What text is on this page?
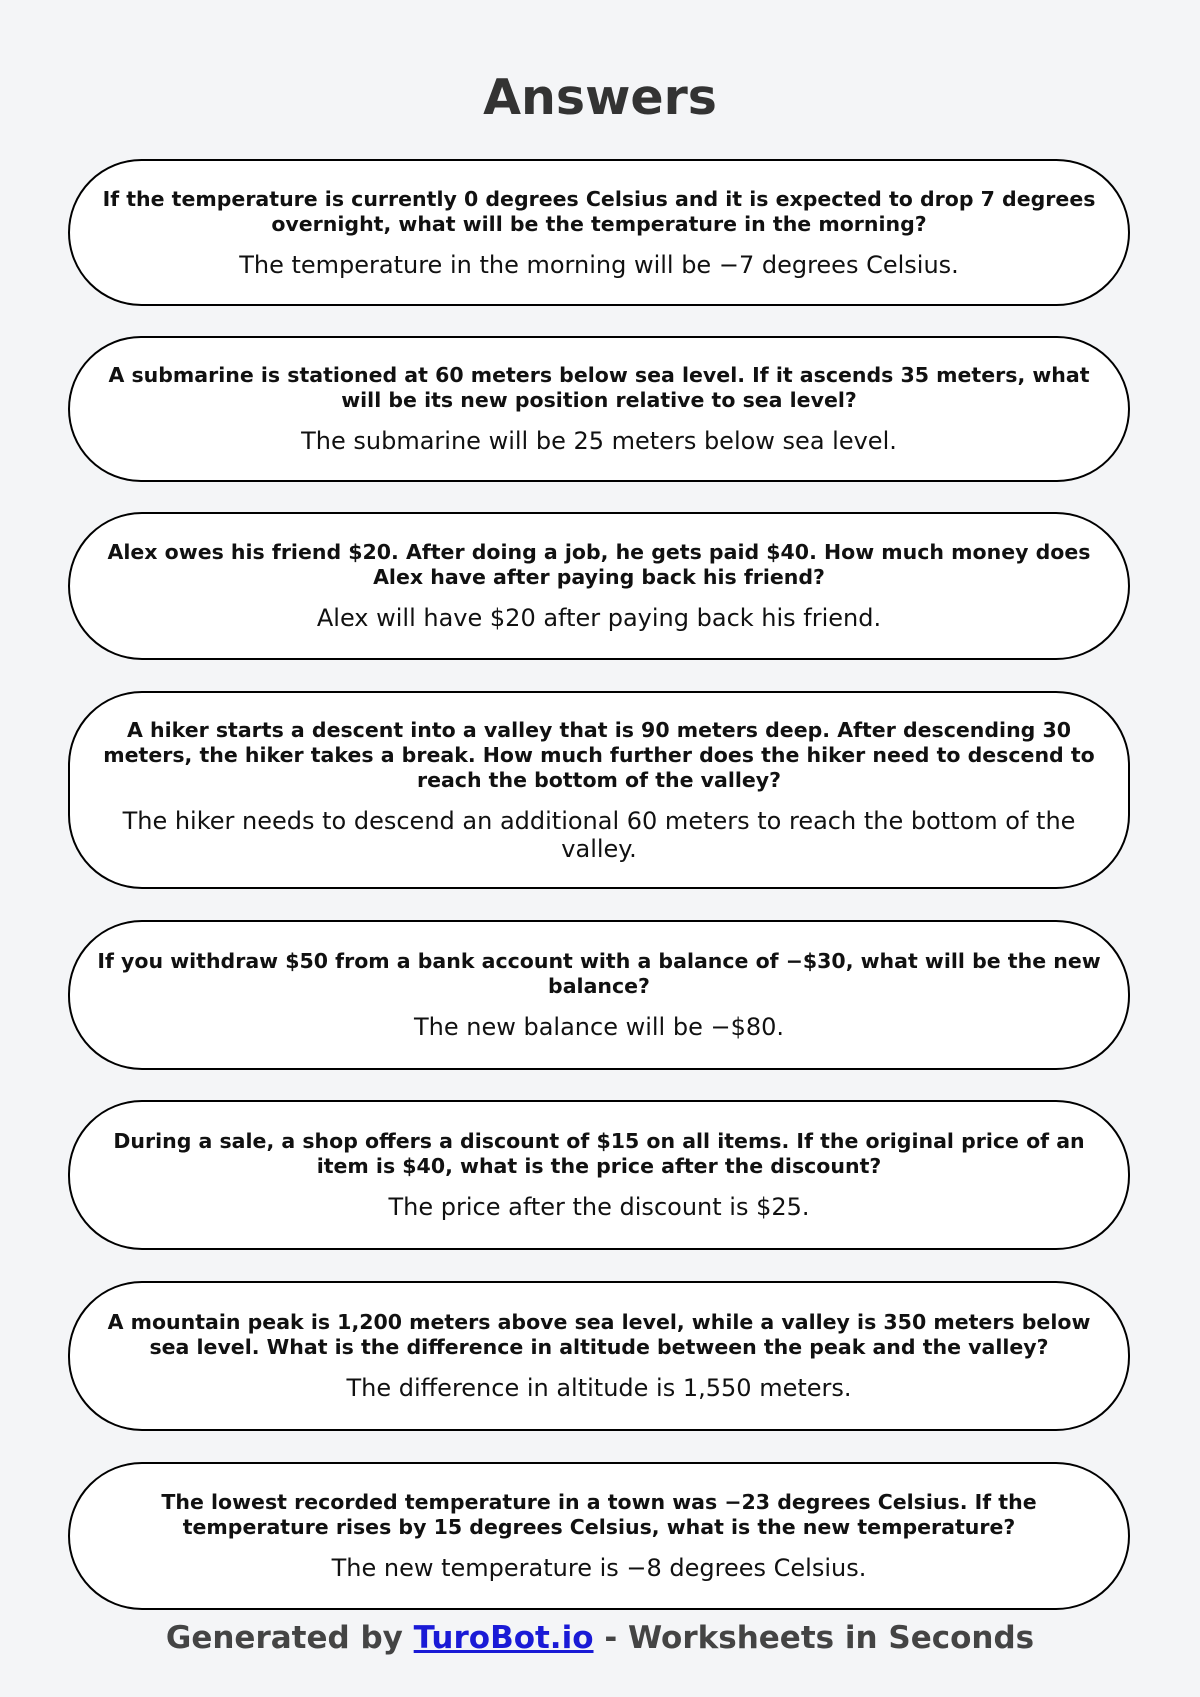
Answers
If the temperature is currently 0 degrees Celsius and it is expected to drop 7 degrees overnight, what will be the temperature in the morning?
The temperature in the morning will be −7 degrees Celsius.
A submarine is stationed at 60 meters below sea level. If it ascends 35 meters, what will be its new position relative to sea level?
The submarine will be 25 meters below sea level.
Alex owes his friend $20. After doing a job, he gets paid $40. How much money does Alex have after paying back his friend?
Alex will have $20 after paying back his friend.
A hiker starts a descent into a valley that is 90 meters deep. After descending 30 meters, the hiker takes a break. How much further does the hiker need to descend to reach the bottom of the valley?
The hiker needs to descend an additional 60 meters to reach the bottom of the valley.
If you withdraw $50 from a bank account with a balance of −$30, what will be the new balance?
The new balance will be −$80.
During a sale, a shop offers a discount of $15 on all items. If the original price of an item is $40, what is the price after the discount?
The price after the discount is $25.
A mountain peak is 1,200 meters above sea level, while a valley is 350 meters below sea level. What is the difference in altitude between the peak and the valley?
The difference in altitude is 1,550 meters.
The lowest recorded temperature in a town was −23 degrees Celsius. If the temperature rises by 15 degrees Celsius, what is the new temperature?
The new temperature is −8 degrees Celsius.
Generated by TuroBot.io - Worksheets in Seconds
